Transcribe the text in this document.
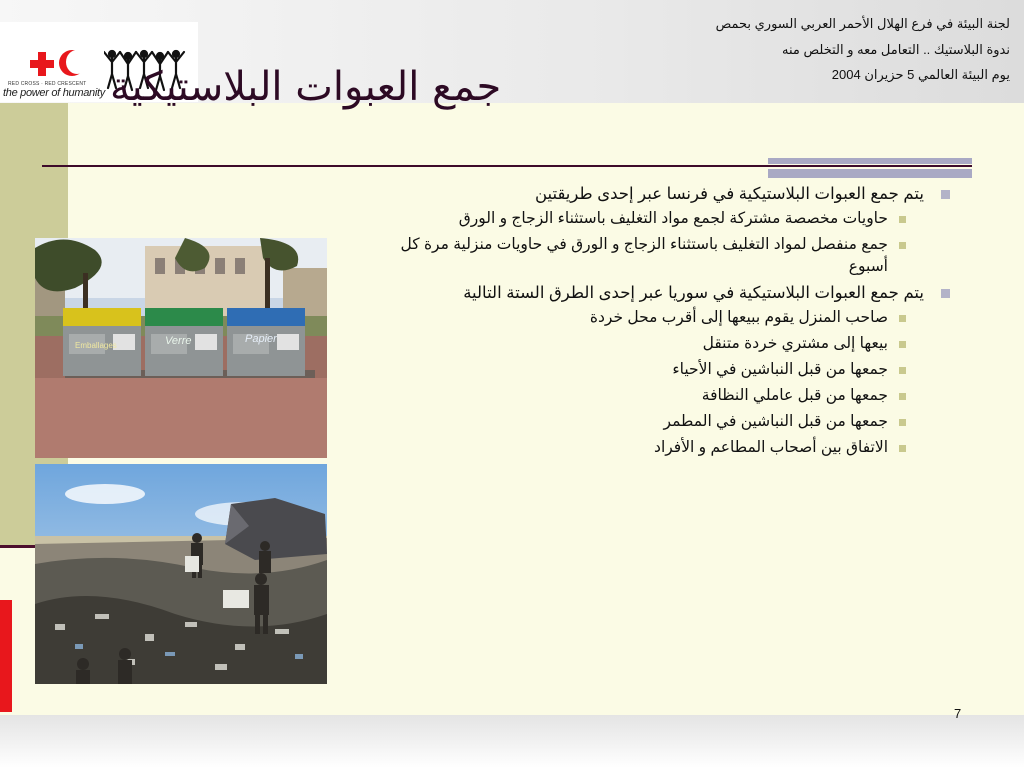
RED CROSS · RED CRESCENT
the power of humanity
لجنة البيئة في فرع الهلال الأحمر العربي السوري بحمص
ندوة البلاستيك .. التعامل معه و التخلص منه
يوم البيئة العالمي 5 حزيران 2004
جمع العبوات البلاستيكية
يتم جمع العبوات البلاستيكية في فرنسا عبر إحدى طريقتين
حاويات مخصصة مشتركة لجمع مواد التغليف باستثناء الزجاج و الورق
جمع منفصل لمواد التغليف باستثناء الزجاج و الورق في حاويات منزلية مرة كل أسبوع
يتم جمع العبوات البلاستيكية في سوريا عبر إحدى الطرق الستة التالية
صاحب المنزل يقوم ببيعها إلى أقرب محل خردة
بيعها إلى مشتري خردة متنقل
جمعها من قبل النباشين في الأحياء
جمعها من قبل عاملي النظافة
جمعها من قبل النباشين في المطمر
الاتفاق بين أصحاب المطاعم و الأفراد
Emballages	Verre	Papier
7
